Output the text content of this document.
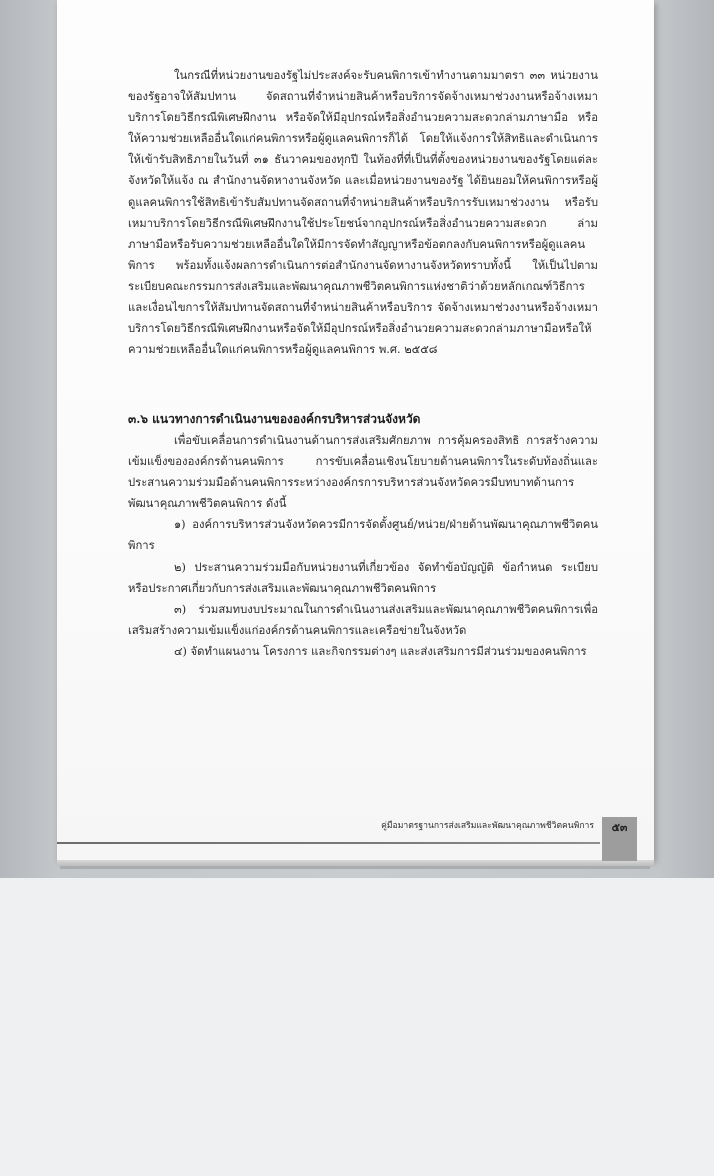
ในกรณีที่หน่วยงานของรัฐไม่ประสงค์จะรับคนพิการเข้าทำงานตามมาตรา ๓๓ หน่วยงานของรัฐอาจให้สัมปทาน จัดสถานที่จำหน่ายสินค้าหรือบริการจัดจ้างเหมาช่วงงานหรือจ้างเหมาบริการโดยวิธีกรณีพิเศษฝึกงาน หรือจัดให้มีอุปกรณ์หรือสิ่งอำนวยความสะดวกล่ามภาษามือ หรือให้ความช่วยเหลืออื่นใดแก่คนพิการหรือผู้ดูแลคนพิการก็ได้ โดยให้แจ้งการให้สิทธิและดำเนินการให้เข้ารับสิทธิภายในวันที่ ๓๑ ธันวาคมของทุกปี ในท้องที่ที่เป็นที่ตั้งของหน่วยงานของรัฐโดยแต่ละจังหวัดให้แจ้ง ณ สำนักงานจัดหางานจังหวัด และเมื่อหน่วยงานของรัฐ ได้ยินยอมให้คนพิการหรือผู้ดูแลคนพิการใช้สิทธิเข้ารับสัมปทานจัดสถานที่จำหน่ายสินค้าหรือบริการรับเหมาช่วงงาน หรือรับเหมาบริการโดยวิธีกรณีพิเศษฝึกงานใช้ประโยชน์จากอุปกรณ์หรือสิ่งอำนวยความสะดวก ล่ามภาษามือหรือรับความช่วยเหลืออื่นใดให้มีการจัดทำสัญญาหรือข้อตกลงกับคนพิการหรือผู้ดูแลคนพิการ พร้อมทั้งแจ้งผลการดำเนินการต่อสำนักงานจัดหางานจังหวัดทราบทั้งนี้ ให้เป็นไปตามระเบียบคณะกรรมการส่งเสริมและพัฒนาคุณภาพชีวิตคนพิการแห่งชาติว่าด้วยหลักเกณฑ์วิธีการและเงื่อนไขการให้สัมปทานจัดสถานที่จำหน่ายสินค้าหรือบริการ จัดจ้างเหมาช่วงงานหรือจ้างเหมาบริการโดยวิธีกรณีพิเศษฝึกงานหรือจัดให้มีอุปกรณ์หรือสิ่งอำนวยความสะดวกล่ามภาษามือหรือให้ความช่วยเหลืออื่นใดแก่คนพิการหรือผู้ดูแลคนพิการ พ.ศ. ๒๕๕๘

๓.๖ แนวทางการดำเนินงานขององค์กรบริหารส่วนจังหวัด

เพื่อขับเคลื่อนการดำเนินงานด้านการส่งเสริมศักยภาพ การคุ้มครองสิทธิ การสร้างความเข้มแข็งขององค์กรด้านคนพิการ การขับเคลื่อนเชิงนโยบายด้านคนพิการในระดับท้องถิ่นและประสานความร่วมมือด้านคนพิการระหว่างองค์กรการบริหารส่วนจังหวัดควรมีบทบาทด้านการพัฒนาคุณภาพชีวิตคนพิการ ดังนี้

๑) องค์การบริหารส่วนจังหวัดควรมีการจัดตั้งศูนย์/หน่วย/ฝ่ายด้านพัฒนาคุณภาพชีวิตคนพิการ

๒) ประสานความร่วมมือกับหน่วยงานที่เกี่ยวข้อง จัดทำข้อบัญญัติ ข้อกำหนด ระเบียบหรือประกาศเกี่ยวกับการส่งเสริมและพัฒนาคุณภาพชีวิตคนพิการ

๓) ร่วมสมทบงบประมาณในการดำเนินงานส่งเสริมและพัฒนาคุณภาพชีวิตคนพิการเพื่อเสริมสร้างความเข้มแข็งแก่องค์กรด้านคนพิการและเครือข่ายในจังหวัด

๔) จัดทำแผนงาน โครงการ และกิจกรรมต่างๆ และส่งเสริมการมีส่วนร่วมของคนพิการ

คู่มือมาตรฐานการส่งเสริมและพัฒนาคุณภาพชีวิตคนพิการ	๕๓
